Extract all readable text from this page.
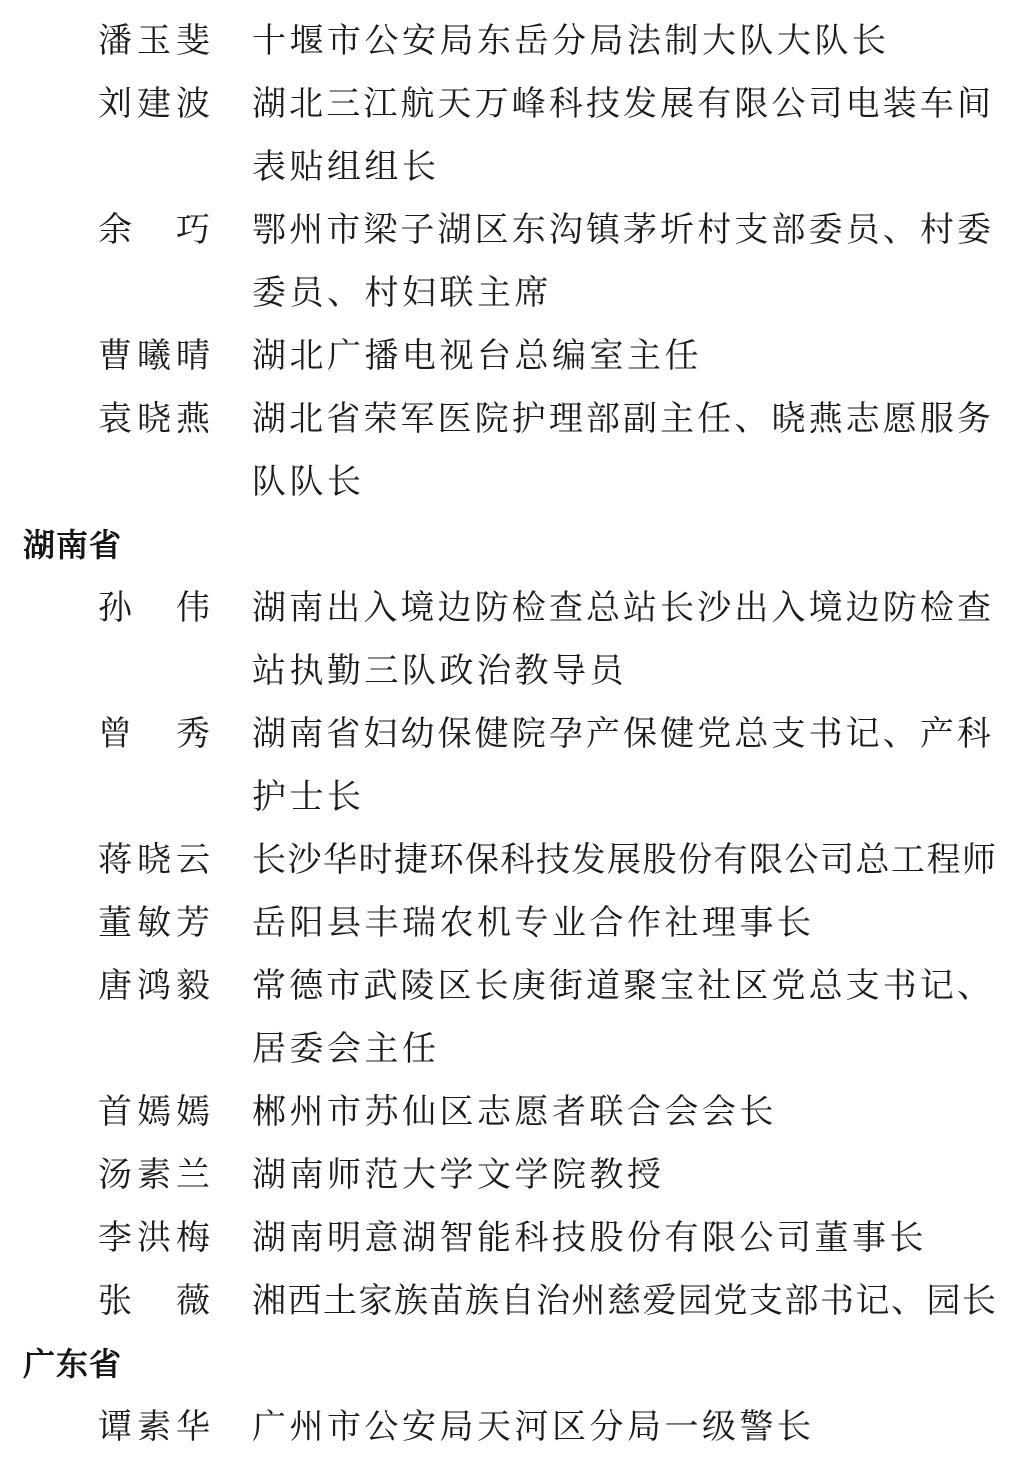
潘玉斐 十堰市公安局东岳分局法制大队大队长
刘建波 湖北三江航天万峰科技发展有限公司电装车间
表贴组组长
余　巧 鄂州市梁子湖区东沟镇茅圻村支部委员、村委
委员、村妇联主席
曹曦晴 湖北广播电视台总编室主任
袁晓燕 湖北省荣军医院护理部副主任、晓燕志愿服务
队队长
湖南省
孙　伟 湖南出入境边防检查总站长沙出入境边防检查
站执勤三队政治教导员
曾　秀 湖南省妇幼保健院孕产保健党总支书记、产科
护士长
蒋晓云 长沙华时捷环保科技发展股份有限公司总工程师
董敏芳 岳阳县丰瑞农机专业合作社理事长
唐鸿毅 常德市武陵区长庚街道聚宝社区党总支书记、
居委会主任
首嫣嫣 郴州市苏仙区志愿者联合会会长
汤素兰 湖南师范大学文学院教授
李洪梅 湖南明意湖智能科技股份有限公司董事长
张　薇 湘西土家族苗族自治州慈爱园党支部书记、园长
广东省
谭素华 广州市公安局天河区分局一级警长
